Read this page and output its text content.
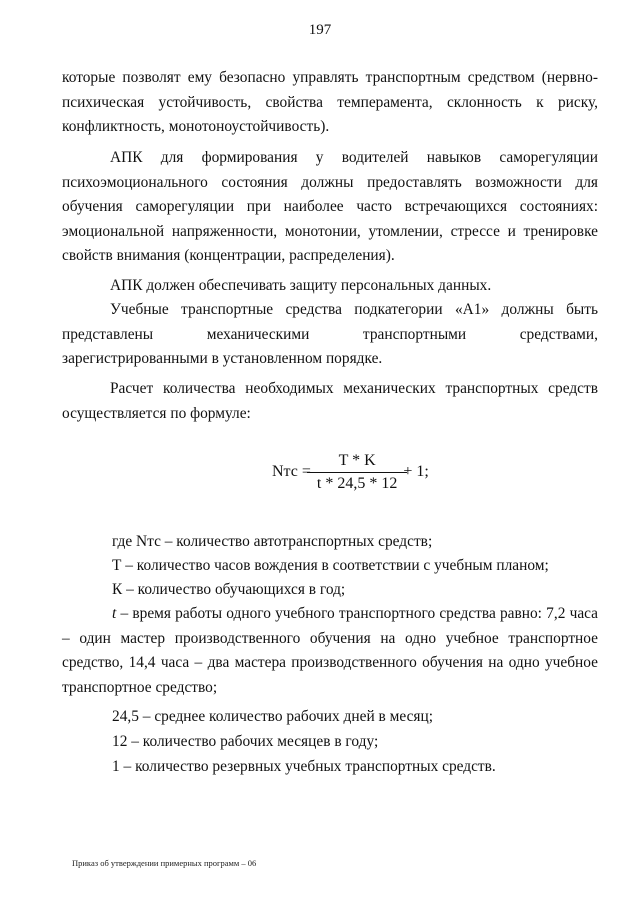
197

которые позволят ему безопасно управлять транспортным средством (нервно-психическая устойчивость, свойства темперамента, склонность к риску, конфликтность, монотоноустойчивость).

АПК для формирования у водителей навыков саморегуляции психоэмоционального состояния должны предоставлять возможности для обучения саморегуляции при наиболее часто встречающихся состояниях: эмоциональной напряженности, монотонии, утомлении, стрессе и тренировке свойств внимания (концентрации, распределения).

АПК должен обеспечивать защиту персональных данных.

Учебные транспортные средства подкатегории «А1» должны быть представлены механическими транспортными средствами, зарегистрированными в установленном порядке.

Расчет количества необходимых механических транспортных средств осуществляется по формуле:

Nтс = $\frac{T * K}{t * 24,5 * 12} + 1$;
где Nтс – количество автотранспортных средств;
Т – количество часов вождения в соответствии с учебным планом;
К – количество обучающихся в год;

t – время работы одного учебного транспортного средства равно: 7,2 часа – один мастер производственного обучения на одно учебное транспортное средство, 14,4 часа – два мастера производственного обучения на одно учебное транспортное средство;

24,5 – среднее количество рабочих дней в месяц;
12 – количество рабочих месяцев в году;
1 – количество резервных учебных транспортных средств.
Приказ об утверждении примерных программ – 06
